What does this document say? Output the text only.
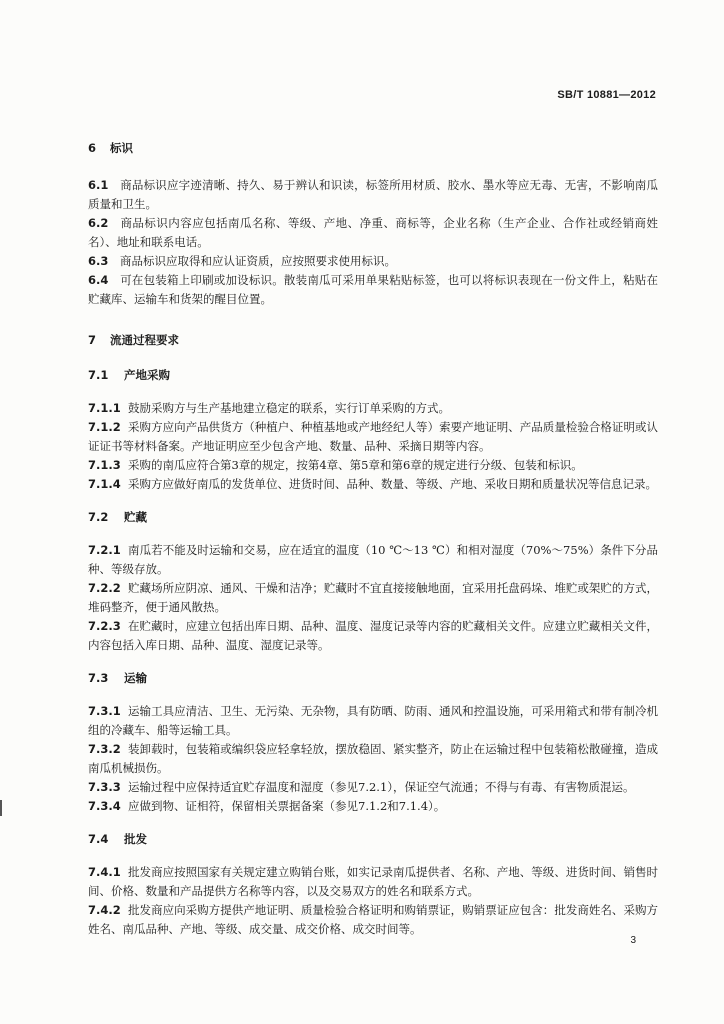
SB/T 10881—2012
6 标识
6.1 商品标识应字迹清晰、持久、易于辨认和识读，标签所用材质、胶水、墨水等应无毒、无害，不影响南瓜质量和卫生。
6.2 商品标识内容应包括南瓜名称、等级、产地、净重、商标等，企业名称（生产企业、合作社或经销商姓名）、地址和联系电话。
6.3 商品标识应取得和应认证资质，应按照要求使用标识。
6.4 可在包装箱上印刷或加设标识。散装南瓜可采用单果粘贴标签，也可以将标识表现在一份文件上，粘贴在贮藏库、运输车和货架的醒目位置。
7 流通过程要求
7.1 产地采购
7.1.1 鼓励采购方与生产基地建立稳定的联系，实行订单采购的方式。
7.1.2 采购方应向产品供货方（种植户、种植基地或产地经纪人等）索要产地证明、产品质量检验合格证明或认证证书等材料备案。产地证明应至少包含产地、数量、品种、采摘日期等内容。
7.1.3 采购的南瓜应符合第3章的规定，按第4章、第5章和第6章的规定进行分级、包装和标识。
7.1.4 采购方应做好南瓜的发货单位、进货时间、品种、数量、等级、产地、采收日期和质量状况等信息记录。
7.2 贮藏
7.2.1 南瓜若不能及时运输和交易，应在适宜的温度（10 ℃～13 ℃）和相对湿度（70%～75%）条件下分品种、等级存放。
7.2.2 贮藏场所应阴凉、通风、干燥和洁净；贮藏时不宜直接接触地面，宜采用托盘码垛、堆贮或架贮的方式，堆码整齐，便于通风散热。
7.2.3 在贮藏时，应建立包括出库日期、品种、温度、湿度记录等内容的贮藏相关文件。应建立贮藏相关文件，内容包括入库日期、品种、温度、湿度记录等。
7.3 运输
7.3.1 运输工具应清洁、卫生、无污染、无杂物，具有防晒、防雨、通风和控温设施，可采用箱式和带有制冷机组的冷藏车、船等运输工具。
7.3.2 装卸载时，包装箱或编织袋应轻拿轻放，摆放稳固、紧实整齐，防止在运输过程中包装箱松散碰撞，造成南瓜机械损伤。
7.3.3 运输过程中应保持适宜贮存温度和湿度（参见7.2.1），保证空气流通；不得与有毒、有害物质混运。
7.3.4 应做到物、证相符，保留相关票据备案（参见7.1.2和7.1.4）。
7.4 批发
7.4.1 批发商应按照国家有关规定建立购销台账，如实记录南瓜提供者、名称、产地、等级、进货时间、销售时间、价格、数量和产品提供方名称等内容，以及交易双方的姓名和联系方式。
7.4.2 批发商应向采购方提供产地证明、质量检验合格证明和购销票证，购销票证应包含：批发商姓名、采购方姓名、南瓜品种、产地、等级、成交量、成交价格、成交时间等。
3
